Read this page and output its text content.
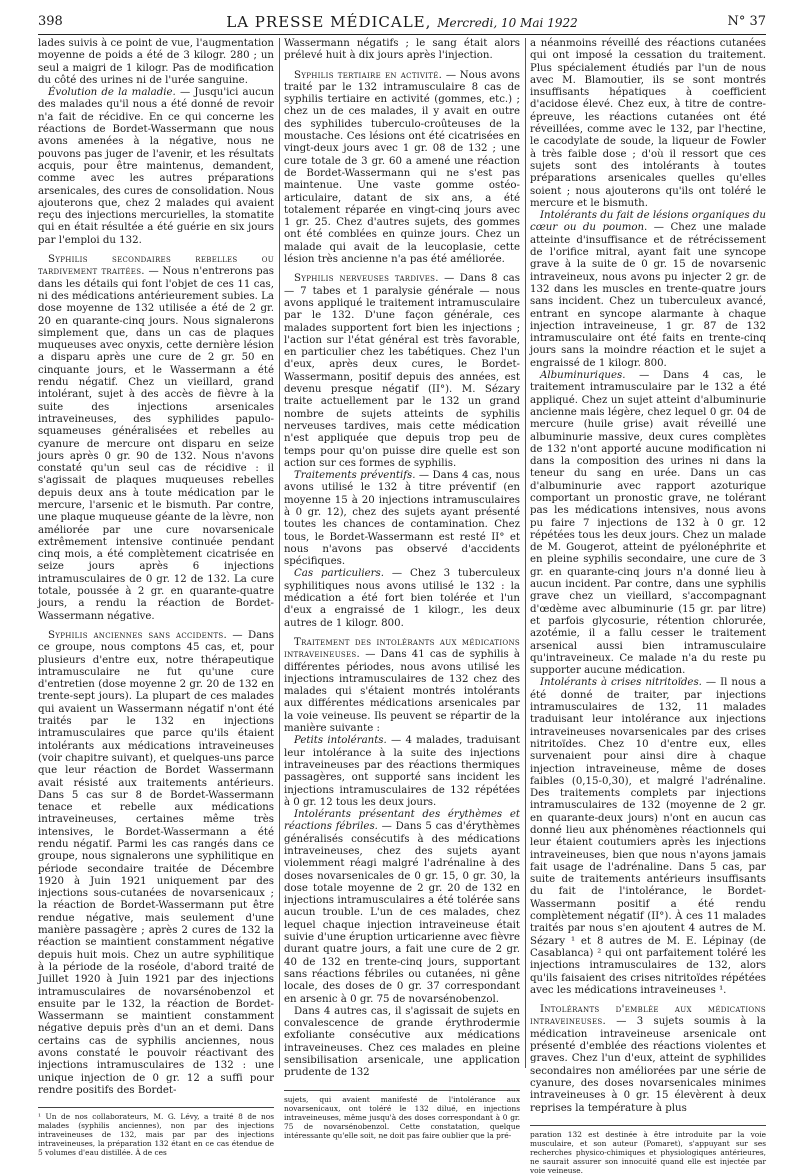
398	LA PRESSE MÉDICALE, Mercredi, 10 Mai 1922	N° 37

lades suivis à ce point de vue, l'augmentation moyenne de poids a été de 3 kilogr. 280 ; un seul a maigri de 1 kilogr. Pas de modification du côté des urines ni de l'urée sanguine.

Évolution de la maladie. — Jusqu'ici aucun des malades qu'il nous a été donné de revoir n'a fait de récidive. En ce qui concerne les réactions de Bordet-Wassermann que nous avons amenées à la négative, nous ne pouvons pas juger de l'avenir, et les résultats acquis, pour être maintenus, demandent, comme avec les autres préparations arsenicales, des cures de consolidation. Nous ajouterons que, chez 2 malades qui avaient reçu des injections mercurielles, la stomatite qui en était résultée a été guérie en six jours par l'emploi du 132.

Syphilis secondaires rebelles ou tardivement traitées. — Nous n'entrerons pas dans les détails qui font l'objet de ces 11 cas, ni des médications antérieurement subies. La dose moyenne de 132 utilisée a été de 2 gr. 20 en quarante-cinq jours. Nous signalerons simplement que, dans un cas de plaques muqueuses avec onyxis, cette dernière lésion a disparu après une cure de 2 gr. 50 en cinquante jours, et le Wassermann a été rendu négatif. Chez un vieillard, grand intolérant, sujet à des accès de fièvre à la suite des injections arsenicales intraveineuses, des syphilides papulo-squameuses généralisées et rebelles au cyanure de mercure ont disparu en seize jours après 0 gr. 90 de 132. Nous n'avons constaté qu'un seul cas de récidive : il s'agissait de plaques muqueuses rebelles depuis deux ans à toute médication par le mercure, l'arsenic et le bismuth. Par contre, une plaque muqueuse géante de la lèvre, non améliorée par une cure novarsenicale extrêmement intensive continuée pendant cinq mois, a été complètement cicatrisée en seize jours après 6 injections intramusculaires de 0 gr. 12 de 132. La cure totale, poussée à 2 gr. en quarante-quatre jours, a rendu la réaction de Bordet-Wassermann négative.

Syphilis anciennes sans accidents. — Dans ce groupe, nous comptons 45 cas, et, pour plusieurs d'entre eux, notre thérapeutique intramusculaire ne fut qu'une cure d'entretien (dose moyenne 2 gr. 20 de 132 en trente-sept jours). La plupart de ces malades qui avaient un Wassermann négatif n'ont été traités par le 132 en injections intramusculaires que parce qu'ils étaient intolérants aux médications intraveineuses (voir chapitre suivant), et quelques-uns parce que leur réaction de Bordet Wassermann avait résisté aux traitements antérieurs. Dans 5 cas sur 8 de Bordet-Wassermann tenace et rebelle aux médications intraveineuses, certaines même très intensives, le Bordet-Wassermann a été rendu négatif. Parmi les cas rangés dans ce groupe, nous signalerons une syphilitique en période secondaire traitée de Décembre 1920 à Juin 1921 uniquement par des injections sous-cutanées de novarsenicaux ; la réaction de Bordet-Wassermann put être rendue négative, mais seulement d'une manière passagère ; après 2 cures de 132 la réaction se maintient constamment négative depuis huit mois. Chez un autre syphilitique à la période de la roséole, d'abord traité de Juillet 1920 à Juin 1921 par des injections intramusculaires de novarsénobenzol et ensuite par le 132, la réaction de Bordet-Wassermann se maintient constamment négative depuis près d'un an et demi. Dans certains cas de syphilis anciennes, nous avons constaté le pouvoir réactivant des injections intramusculaires de 132 : une unique injection de 0 gr. 12 a suffi pour rendre positifs des Bordet-

¹ Un de nos collaborateurs, M. G. Lévy, a traité 8 de nos malades (syphilis anciennes), non par des injections intraveineuses de 132, mais par par des injections intraveineuses, la préparation 132 étant en ce cas étendue de 5 volumes d'eau distillée. À de ces

Wassermann négatifs ; le sang était alors prélevé huit à dix jours après l'injection.

Syphilis tertiaire en activité. — Nous avons traité par le 132 intramusculaire 8 cas de syphilis tertiaire en activité (gommes, etc.) ; chez un de ces malades, il y avait en outre des syphilides tuberculo-croûteuses de la moustache. Ces lésions ont été cicatrisées en vingt-deux jours avec 1 gr. 08 de 132 ; une cure totale de 3 gr. 60 a amené une réaction de Bordet-Wassermann qui ne s'est pas maintenue. Une vaste gomme ostéo-articulaire, datant de six ans, a été totalement réparée en vingt-cinq jours avec 1 gr. 25. Chez d'autres sujets, des gommes ont été comblées en quinze jours. Chez un malade qui avait de la leucoplasie, cette lésion très ancienne n'a pas été améliorée.

Syphilis nerveuses tardives. — Dans 8 cas — 7 tabes et 1 paralysie générale — nous avons appliqué le traitement intramusculaire par le 132. D'une façon générale, ces malades supportent fort bien les injections ; l'action sur l'état général est très favorable, en particulier chez les tabétiques. Chez l'un d'eux, après deux cures, le Bordet-Wassermann, positif depuis des années, est devenu presque négatif (II°). M. Sézary traite actuellement par le 132 un grand nombre de sujets atteints de syphilis nerveuses tardives, mais cette médication n'est appliquée que depuis trop peu de temps pour qu'on puisse dire quelle est son action sur ces formes de syphilis.

Traitements préventifs. — Dans 4 cas, nous avons utilisé le 132 à titre préventif (en moyenne 15 à 20 injections intramusculaires à 0 gr. 12), chez des sujets ayant présenté toutes les chances de contamination. Chez tous, le Bordet-Wassermann est resté II° et nous n'avons pas observé d'accidents spécifiques.

Cas particuliers. — Chez 3 tuberculeux syphilitiques nous avons utilisé le 132 : la médication a été fort bien tolérée et l'un d'eux a engraissé de 1 kilogr., les deux autres de 1 kilogr. 800.

Traitement des intolérants aux médications intraveineuses. — Dans 41 cas de syphilis à différentes périodes, nous avons utilisé les injections intramusculaires de 132 chez des malades qui s'étaient montrés intolérants aux différentes médications arsenicales par la voie veineuse. Ils peuvent se répartir de la manière suivante :

Petits intolérants. — 4 malades, traduisant leur intolérance à la suite des injections intraveineuses par des réactions thermiques passagères, ont supporté sans incident les injections intramusculaires de 132 répétées à 0 gr. 12 tous les deux jours.

Intolérants présentant des érythèmes et réactions fébriles. — Dans 5 cas d'érythèmes généralisés consécutifs à des médications intraveineuses, chez des sujets ayant violemment réagi malgré l'adrénaline à des doses novarsenicales de 0 gr. 15, 0 gr. 30, la dose totale moyenne de 2 gr. 20 de 132 en injections intramusculaires a été tolérée sans aucun trouble. L'un de ces malades, chez lequel chaque injection intraveineuse était suivie d'une éruption urticarienne avec fièvre durant quatre jours, a fait une cure de 2 gr. 40 de 132 en trente-cinq jours, supportant sans réactions fébriles ou cutanées, ni gêne locale, des doses de 0 gr. 37 correspondant en arsenic à 0 gr. 75 de novarsénobenzol.

Dans 4 autres cas, il s'agissait de sujets en convalescence de grande érythrodermie exfoliante consécutive aux médications intraveineuses. Chez ces malades en pleine sensibilisation arsenicale, une application prudente de 132

sujets, qui avaient manifesté de l'intolérance aux novarsenicaux, ont toléré le 132 dilué, en injections intraveineuses, même jusqu'à des doses correspondant à 0 gr. 75 de novarsénobenzol. Cette constatation, quelque intéressante qu'elle soit, ne doit pas faire oublier que la pré-

a néanmoins réveillé des réactions cutanées qui ont imposé la cessation du traitement. Plus spécialement étudiés par l'un de nous avec M. Blamoutier, ils se sont montrés insuffisants hépatiques à coefficient d'acidose élevé. Chez eux, à titre de contre-épreuve, les réactions cutanées ont été réveillées, comme avec le 132, par l'hectine, le cacodylate de soude, la liqueur de Fowler à très faible dose ; d'où il ressort que ces sujets sont des intolérants à toutes préparations arsenicales quelles qu'elles soient ; nous ajouterons qu'ils ont toléré le mercure et le bismuth.

Intolérants du fait de lésions organiques du cœur ou du poumon. — Chez une malade atteinte d'insuffisance et de rétrécissement de l'orifice mitral, ayant fait une syncope grave à la suite de 0 gr. 15 de novarsenic intraveineux, nous avons pu injecter 2 gr. de 132 dans les muscles en trente-quatre jours sans incident. Chez un tuberculeux avancé, entrant en syncope alarmante à chaque injection intraveineuse, 1 gr. 87 de 132 intramusculaire ont été faits en trente-cinq jours sans la moindre réaction et le sujet a engraissé de 1 kilogr. 800.

Albuminuriques. — Dans 4 cas, le traitement intramusculaire par le 132 a été appliqué. Chez un sujet atteint d'albuminurie ancienne mais légère, chez lequel 0 gr. 04 de mercure (huile grise) avait réveillé une albuminurie massive, deux cures complètes de 132 n'ont apporté aucune modification ni dans la composition des urines ni dans la teneur du sang en urée. Dans un cas d'albuminurie avec rapport azoturique comportant un pronostic grave, ne tolérant pas les médications intensives, nous avons pu faire 7 injections de 132 à 0 gr. 12 répétées tous les deux jours. Chez un malade de M. Gougerot, atteint de pyélonéphrite et en pleine syphilis secondaire, une cure de 3 gr. en quarante-cinq jours n'a donné lieu à aucun incident. Par contre, dans une syphilis grave chez un vieillard, s'accompagnant d'œdème avec albuminurie (15 gr. par litre) et parfois glycosurie, rétention chlorurée, azotémie, il a fallu cesser le traitement arsenical aussi bien intramusculaire qu'intraveineux. Ce malade n'a du reste pu supporter aucune médication.

Intolérants à crises nitritoïdes. — Il nous a été donné de traiter, par injections intramusculaires de 132, 11 malades traduisant leur intolérance aux injections intraveineuses novarsenicales par des crises nitritoïdes. Chez 10 d'entre eux, elles survenaient pour ainsi dire à chaque injection intraveineuse, même de doses faibles (0,15-0,30), et malgré l'adrénaline. Des traitements complets par injections intramusculaires de 132 (moyenne de 2 gr. en quarante-deux jours) n'ont en aucun cas donné lieu aux phénomènes réactionnels qui leur étaient coutumiers après les injections intraveineuses, bien que nous n'ayons jamais fait usage de l'adrénaline. Dans 5 cas, par suite de traitements antérieurs insuffisants du fait de l'intolérance, le Bordet-Wassermann positif a été rendu complètement négatif (II°). À ces 11 malades traités par nous s'en ajoutent 4 autres de M. Sézary ¹ et 8 autres de M. E. Lépinay (de Casablanca) ² qui ont parfaitement toléré les injections intramusculaires de 132, alors qu'ils faisaient des crises nitritoïdes répétées avec les médications intraveineuses ¹.

Intolérants d'emblée aux médications intraveineuses. — 3 sujets soumis à la médication intraveineuse arsenicale ont présenté d'emblée des réactions violentes et graves. Chez l'un d'eux, atteint de syphilides secondaires non améliorées par une série de cyanure, des doses novarsenicales minimes intraveineuses à 0 gr. 15 élevèrent à deux reprises la température à plus

paration 132 est destinée à être introduite par la voie musculaire, et son auteur (Pomaret), s'appuyant sur ses recherches physico-chimiques et physiologiques antérieures, ne saurait assurer son innocuité quand elle est injectée par voie veineuse.
